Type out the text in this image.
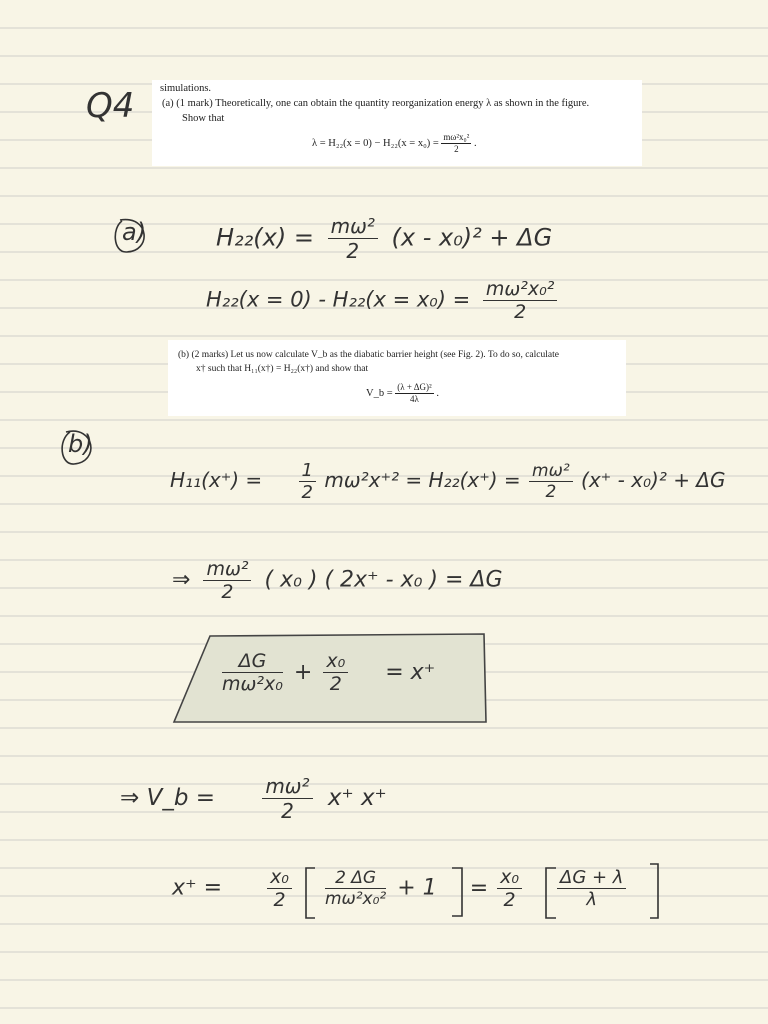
Q4 simulations.

(a) (1 mark) Theoretically, one can obtain the quantity reorganization energy λ as shown in the figure.

Show that

$\lambda = H_{22}(x = 0) - H_{22}(x = x_0) = \frac{\text{mω²x₀²}}{2}$ .
a)	$H_{22}(x) = \frac{\text{mω²}}{2} (x - x_0)^2 + \Delta G$
$H_{22}(x = 0) - H_{22}(x = x_0) = \frac{\text{mω²x₀²}}{2}$

(b) (2 marks) Let us now calculate V_b as the diabatic barrier height (see Fig. 2). To do so, calculate

x† such that H₁₁(x†) = H₂₂(x†) and show that

V_b = $\frac{\text{(λ + ΔG)²}}{4\lambda}$ .
b)
$H_{11}(x^+) = \frac{1}{2} m\omega^2x^{+2} = H_{22}(x^+) = \frac{\text{mω²}}{2} (x^+ - x_0)^2 + \Delta G$
⇒ $\frac{\text{mω²}}{2}$ ( x₀ ) ( 2x⁺ - x₀ ) = ΔG
$\frac{\Delta G}{\text{mω²x₀}} + \frac{\text{x₀}}{2} = x^+$
⇒ V_b = $\frac{\text{mω²}}{2} x^+$ x⁺
$x^+ = \frac{\text{x₀}}{2}$
$\frac{2 \Delta G}{\text{mω²x₀²}} + 1 = \frac{\text{x₀}}{2}$
$\frac{\Delta G + \lambda}{\lambda}$
